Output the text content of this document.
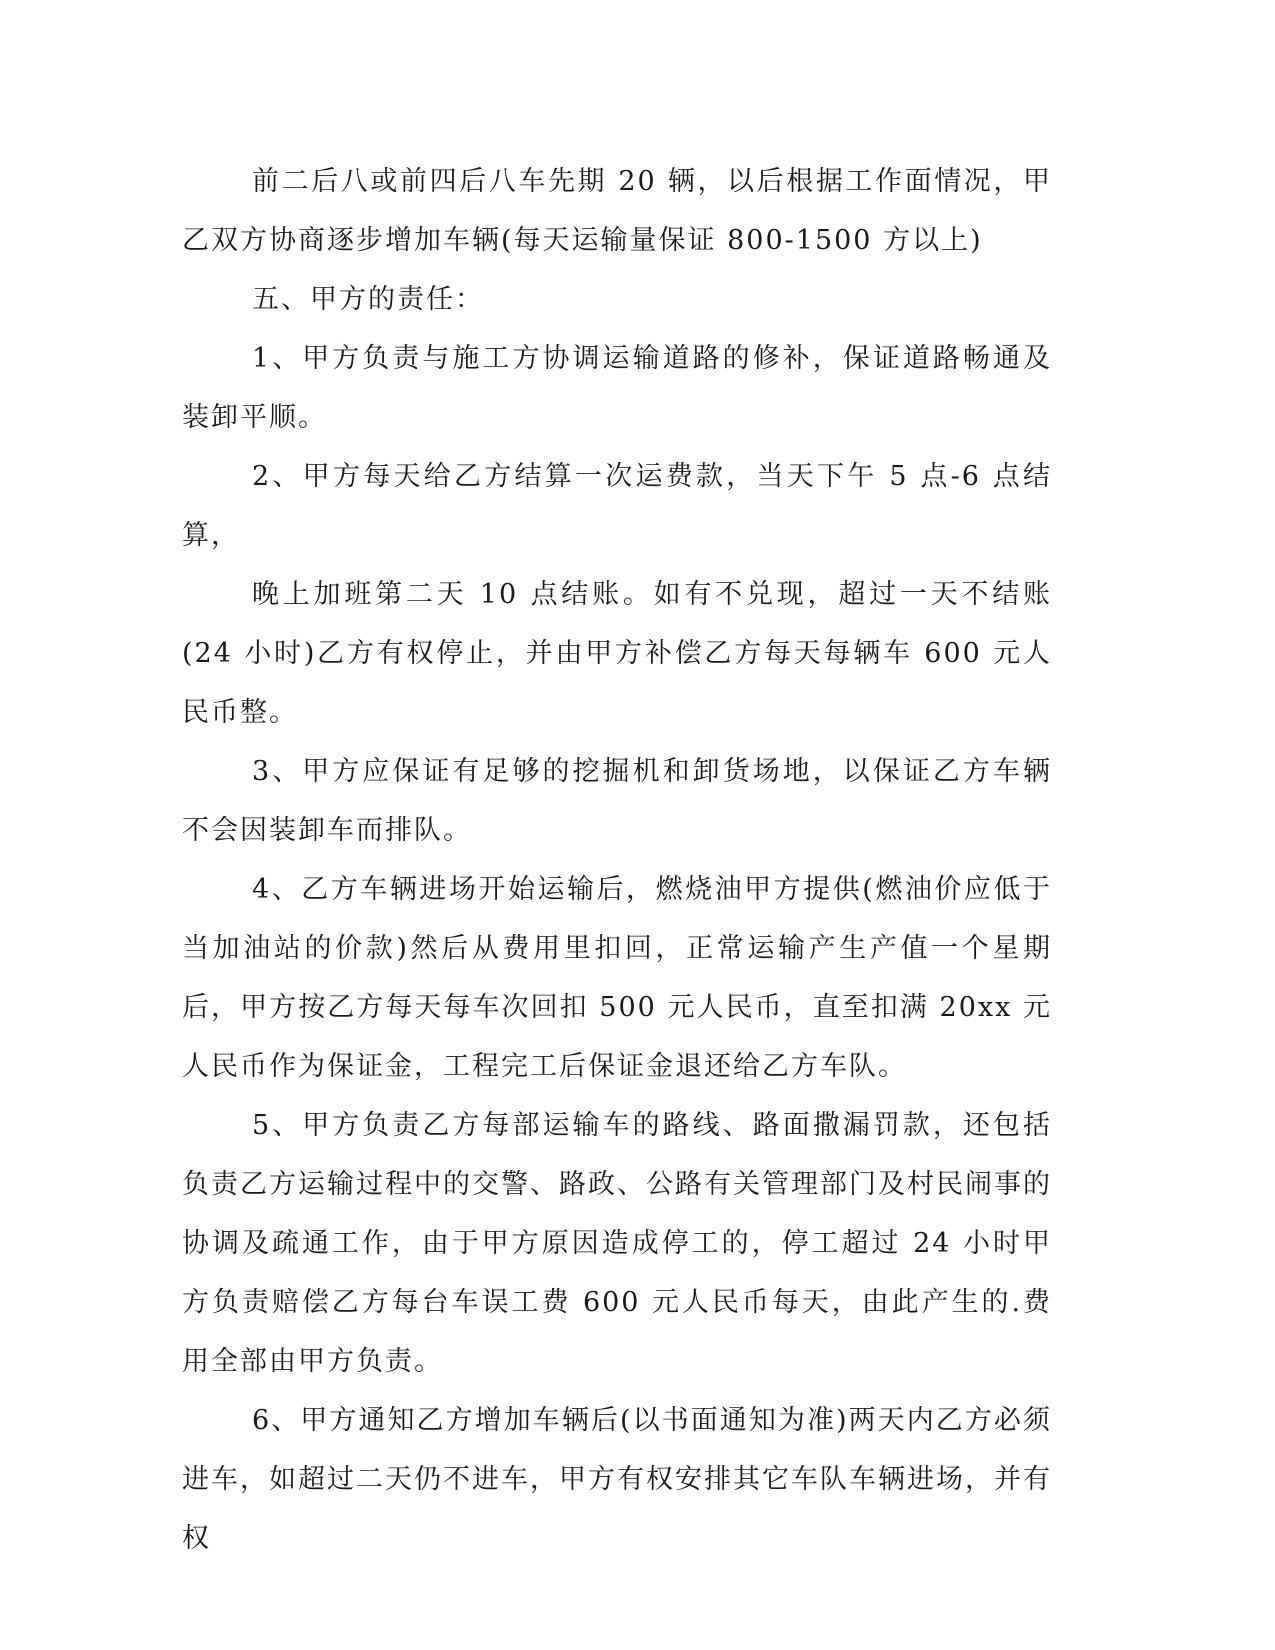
前二后八或前四后八车先期 20 辆，以后根据工作面情况，甲乙双方协商逐步增加车辆(每天运输量保证 800-1500 方以上)

五、甲方的责任：

1、甲方负责与施工方协调运输道路的修补，保证道路畅通及装卸平顺。

2、甲方每天给乙方结算一次运费款，当天下午 5 点-6 点结算，

晚上加班第二天 10 点结账。如有不兑现，超过一天不结账(24 小时)乙方有权停止，并由甲方补偿乙方每天每辆车 600 元人民币整。

3、甲方应保证有足够的挖掘机和卸货场地，以保证乙方车辆不会因装卸车而排队。

4、乙方车辆进场开始运输后，燃烧油甲方提供(燃油价应低于当加油站的价款)然后从费用里扣回，正常运输产生产值一个星期后，甲方按乙方每天每车次回扣 500 元人民币，直至扣满 20xx 元人民币作为保证金，工程完工后保证金退还给乙方车队。

5、甲方负责乙方每部运输车的路线、路面撒漏罚款，还包括负责乙方运输过程中的交警、路政、公路有关管理部门及村民闹事的协调及疏通工作，由于甲方原因造成停工的，停工超过 24 小时甲方负责赔偿乙方每台车误工费 600 元人民币每天，由此产生的.费用全部由甲方负责。

6、甲方通知乙方增加车辆后(以书面通知为准)两天内乙方必须进车，如超过二天仍不进车，甲方有权安排其它车队车辆进场，并有权
